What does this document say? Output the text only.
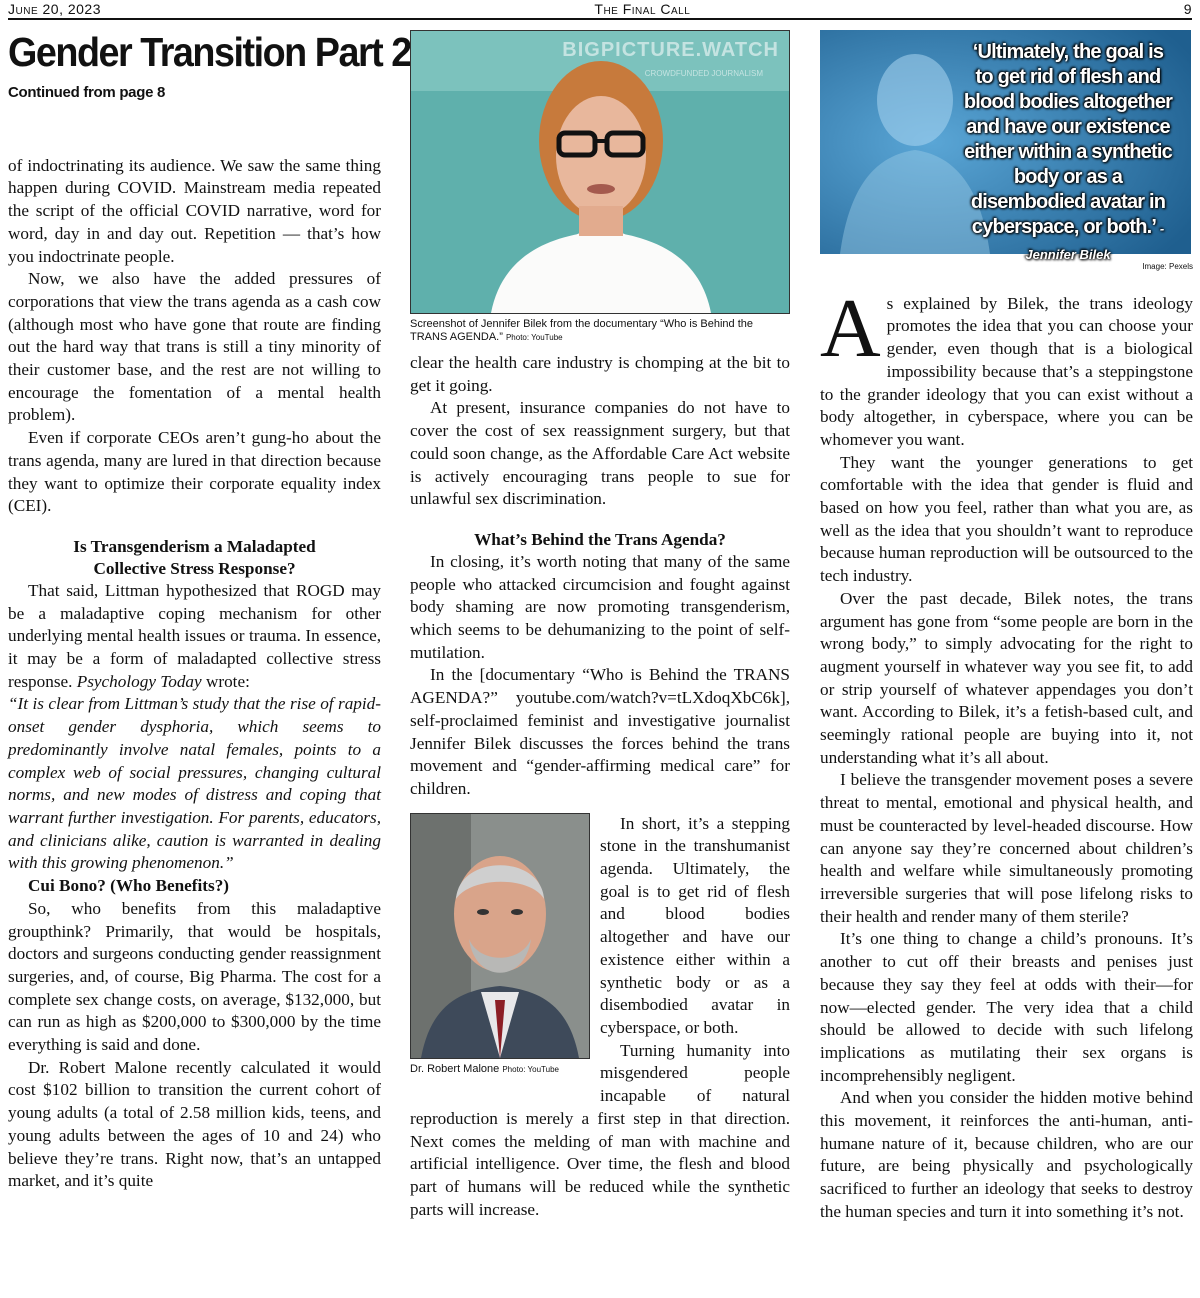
June 20, 2023	The Final Call	9
Gender Transition Part 2
Continued from page 8

of indoctrinating its audience. We saw the same thing happen during COVID. Mainstream media repeated the script of the official COVID narrative, word for word, day in and day out. Repetition — that’s how you indoctrinate people.

Now, we also have the added pressures of corporations that view the trans agenda as a cash cow (although most who have gone that route are finding out the hard way that trans is still a tiny minority of their customer base, and the rest are not willing to encourage the fomentation of a mental health problem).

Even if corporate CEOs aren’t gung-ho about the trans agenda, many are lured in that direction because they want to optimize their corporate equality index (CEI).

Is Transgenderism a Maladapted
Collective Stress Response?

That said, Littman hypothesized that ROGD may be a maladaptive coping mechanism for other underlying mental health issues or trauma. In essence, it may be a form of maladapted collective stress response. Psychology Today wrote:

“It is clear from Littman’s study that the rise of rapid-onset gender dysphoria, which seems to predominantly involve natal females, points to a complex web of social pressures, changing cultural norms, and new modes of distress and coping that warrant further investigation. For parents, educators, and clinicians alike, caution is warranted in dealing with this growing phenomenon.”

Cui Bono? (Who Benefits?)

So, who benefits from this maladaptive groupthink? Primarily, that would be hospitals, doctors and surgeons conducting gender reassignment surgeries, and, of course, Big Pharma. The cost for a complete sex change costs, on average, $132,000, but can run as high as $200,000 to $300,000 by the time everything is said and done.

Dr. Robert Malone recently calculated it would cost $102 billion to transition the current cohort of young adults (a total of 2.58 million kids, teens, and young adults between the ages of 10 and 24) who believe they’re trans. Right now, that’s an untapped market, and it’s quite

BIGPICTURE.WATCH
CROWDFUNDED JOURNALISM
Screenshot of Jennifer Bilek from the documentary “Who is Behind the TRANS AGENDA.” Photo: YouTube

clear the health care industry is chomping at the bit to get it going.

At present, insurance companies do not have to cover the cost of sex reassignment surgery, but that could soon change, as the Affordable Care Act website is actively encouraging trans people to sue for unlawful sex discrimination.

What’s Behind the Trans Agenda?

In closing, it’s worth noting that many of the same people who attacked circumcision and fought against body shaming are now promoting transgenderism, which seems to be dehumanizing to the point of self-mutilation.

In the [documentary “Who is Behind the TRANS AGENDA?” youtube.com/watch?v=tLXdoqXbC6k], self-proclaimed feminist and investigative journalist Jennifer Bilek discusses the forces behind the trans movement and “gender-affirming medical care” for children.

Dr. Robert Malone Photo: YouTube

In short, it’s a stepping stone in the transhumanist agenda. Ultimately, the goal is to get rid of flesh and blood bodies altogether and have our existence either within a synthetic body or as a disembodied avatar in cyberspace, or both.

Turning humanity into misgendered people incapable of natural reproduction is merely a first step in that direction. Next comes the melding of man with machine and artificial intelligence. Over time, the flesh and blood part of humans will be reduced while the synthetic parts will increase.

‘Ultimately, the goal is to get rid of flesh and blood bodies altogether and have our existence either within a synthetic body or as a disembodied avatar in cyberspace, or both.’ -Jennifer Bilek
Image: Pexels

As explained by Bilek, the trans ideology promotes the idea that you can choose your gender, even though that is a biological impossibility because that’s a steppingstone to the grander ideology that you can exist without a body altogether, in cyberspace, where you can be whomever you want.

They want the younger generations to get comfortable with the idea that gender is fluid and based on how you feel, rather than what you are, as well as the idea that you shouldn’t want to reproduce because human reproduction will be outsourced to the tech industry.

Over the past decade, Bilek notes, the trans argument has gone from “some people are born in the wrong body,” to simply advocating for the right to augment yourself in whatever way you see fit, to add or strip yourself of whatever appendages you don’t want. According to Bilek, it’s a fetish-based cult, and seemingly rational people are buying into it, not understanding what it’s all about.

I believe the transgender movement poses a severe threat to mental, emotional and physical health, and must be counteracted by level-headed discourse. How can anyone say they’re concerned about children’s health and welfare while simultaneously promoting irreversible surgeries that will pose lifelong risks to their health and render many of them sterile?

It’s one thing to change a child’s pronouns. It’s another to cut off their breasts and penises just because they say they feel at odds with their—for now—elected gender. The very idea that a child should be allowed to decide with such lifelong implications as mutilating their sex organs is incomprehensibly negligent.

And when you consider the hidden motive behind this movement, it reinforces the anti-human, anti-humane nature of it, because children, who are our future, are being physically and psychologically sacrificed to further an ideology that seeks to destroy the human species and turn it into something it’s not.
